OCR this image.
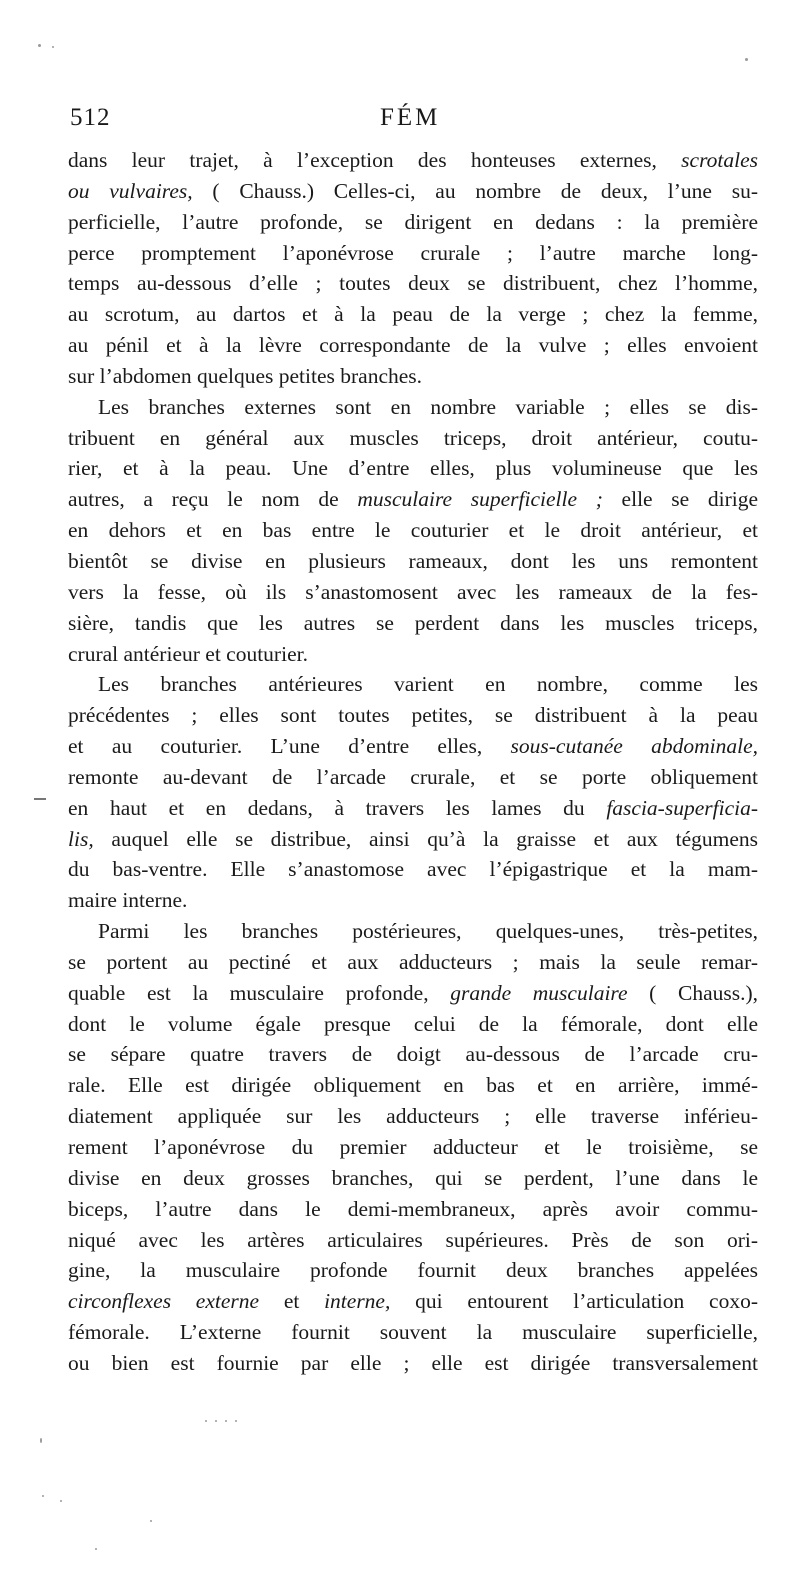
512	FÉM
dans leur trajet, à l’exception des honteuses externes, scrotales
ou vulvaires, ( Chauss.) Celles-ci, au nombre de deux, l’une su-
perficielle, l’autre profonde, se dirigent en dedans : la première
perce promptement l’aponévrose crurale ; l’autre marche long-
temps au-dessous d’elle ; toutes deux se distribuent, chez l’homme,
au scrotum, au dartos et à la peau de la verge ; chez la femme,
au pénil et à la lèvre correspondante de la vulve ; elles envoient
sur l’abdomen quelques petites branches.
Les branches externes sont en nombre variable ; elles se dis-
tribuent en général aux muscles triceps, droit antérieur, coutu-
rier, et à la peau. Une d’entre elles, plus volumineuse que les
autres, a reçu le nom de musculaire superficielle ; elle se dirige
en dehors et en bas entre le couturier et le droit antérieur, et
bientôt se divise en plusieurs rameaux, dont les uns remontent
vers la fesse, où ils s’anastomosent avec les rameaux de la fes-
sière, tandis que les autres se perdent dans les muscles triceps,
crural antérieur et couturier.
Les branches antérieures varient en nombre, comme les
précédentes ; elles sont toutes petites, se distribuent à la peau
et au couturier. L’une d’entre elles, sous-cutanée abdominale,
remonte au-devant de l’arcade crurale, et se porte obliquement
en haut et en dedans, à travers les lames du fascia-superficia-
lis, auquel elle se distribue, ainsi qu’à la graisse et aux tégumens
du bas-ventre. Elle s’anastomose avec l’épigastrique et la mam-
maire interne.
Parmi les branches postérieures, quelques-unes, très-petites,
se portent au pectiné et aux adducteurs ; mais la seule remar-
quable est la musculaire profonde, grande musculaire ( Chauss.),
dont le volume égale presque celui de la fémorale, dont elle
se sépare quatre travers de doigt au-dessous de l’arcade cru-
rale. Elle est dirigée obliquement en bas et en arrière, immé-
diatement appliquée sur les adducteurs ; elle traverse inférieu-
rement l’aponévrose du premier adducteur et le troisième, se
divise en deux grosses branches, qui se perdent, l’une dans le
biceps, l’autre dans le demi-membraneux, après avoir commu-
niqué avec les artères articulaires supérieures. Près de son ori-
gine, la musculaire profonde fournit deux branches appelées
circonflexes externe et interne, qui entourent l’articulation coxo-
fémorale. L’externe fournit souvent la musculaire superficielle,
ou bien est fournie par elle ; elle est dirigée transversalement
